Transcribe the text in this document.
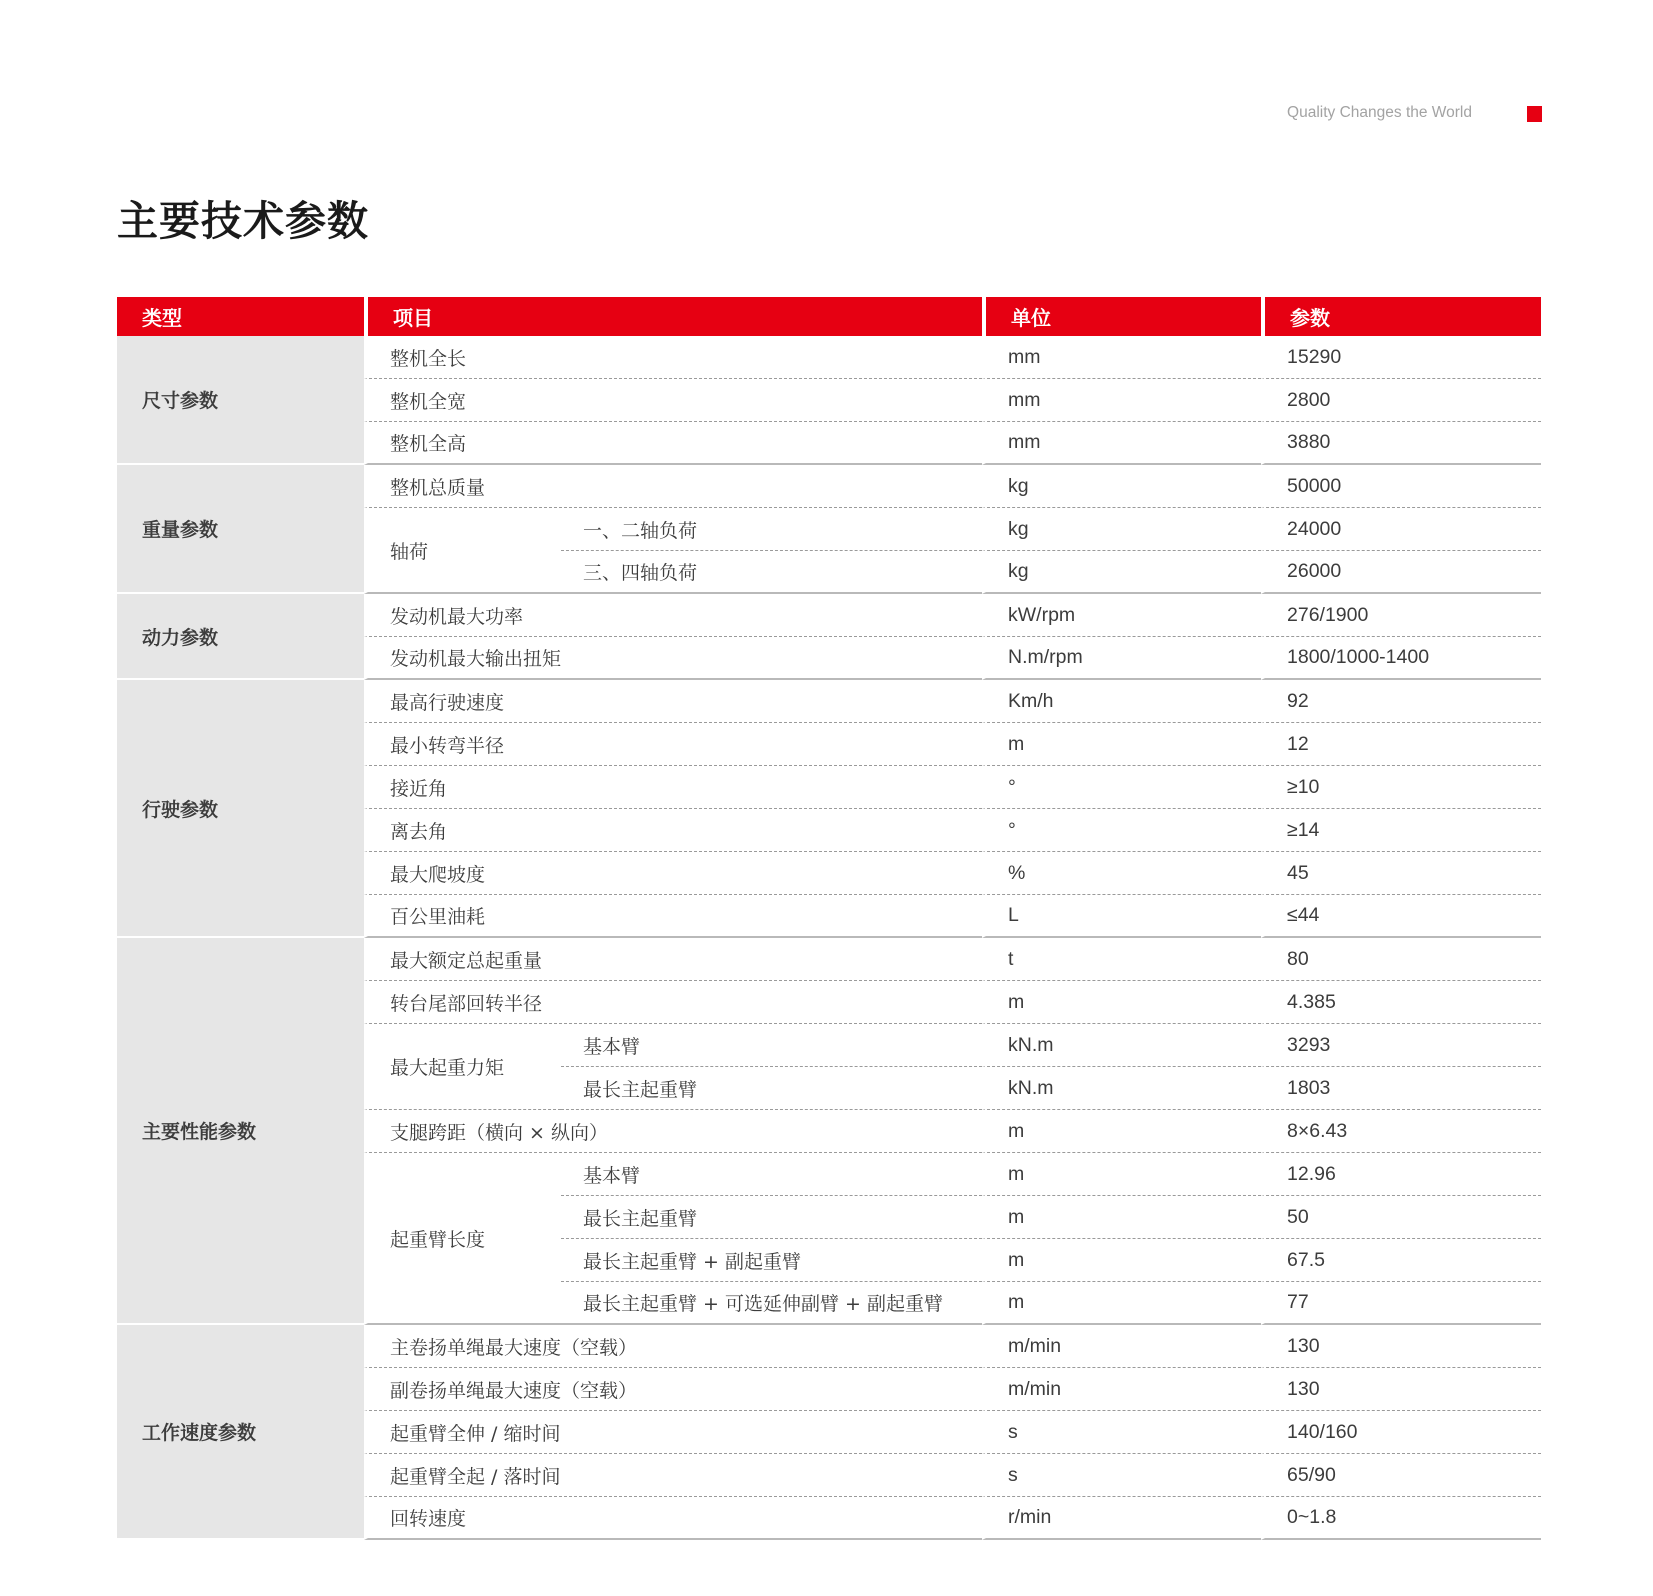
Quality Changes the World
主要技术参数
类型	项目		单位	参数
尺寸参数	整机全长		mm	15290
	整机全宽		mm	2800
	整机全高		mm	3880
重量参数	整机总质量		kg	50000
	轴荷	一、二轴负荷	kg	24000
		三、四轴负荷	kg	26000
动力参数	发动机最大功率		kW/rpm	276/1900
	发动机最大输出扭矩		N.m/rpm	1800/1000-1400
行驶参数	最高行驶速度		Km/h	92
	最小转弯半径		m	12
	接近角		°	≥10
	离去角		°	≥14
	最大爬坡度		%	45
	百公里油耗		L	≤44
主要性能参数	最大额定总起重量		t	80
	转台尾部回转半径		m	4.385
	最大起重力矩	基本臂	kN.m	3293
		最长主起重臂	kN.m	1803
	支腿跨距（横向 × 纵向）		m	8×6.43
	起重臂长度	基本臂	m	12.96
		最长主起重臂	m	50
		最长主起重臂 + 副起重臂	m	67.5
		最长主起重臂 + 可选延伸副臂 + 副起重臂	m	77
工作速度参数	主卷扬单绳最大速度（空载）		m/min	130
	副卷扬单绳最大速度（空载）		m/min	130
	起重臂全伸 / 缩时间		s	140/160
	起重臂全起 / 落时间		s	65/90
	回转速度		r/min	0~1.8
